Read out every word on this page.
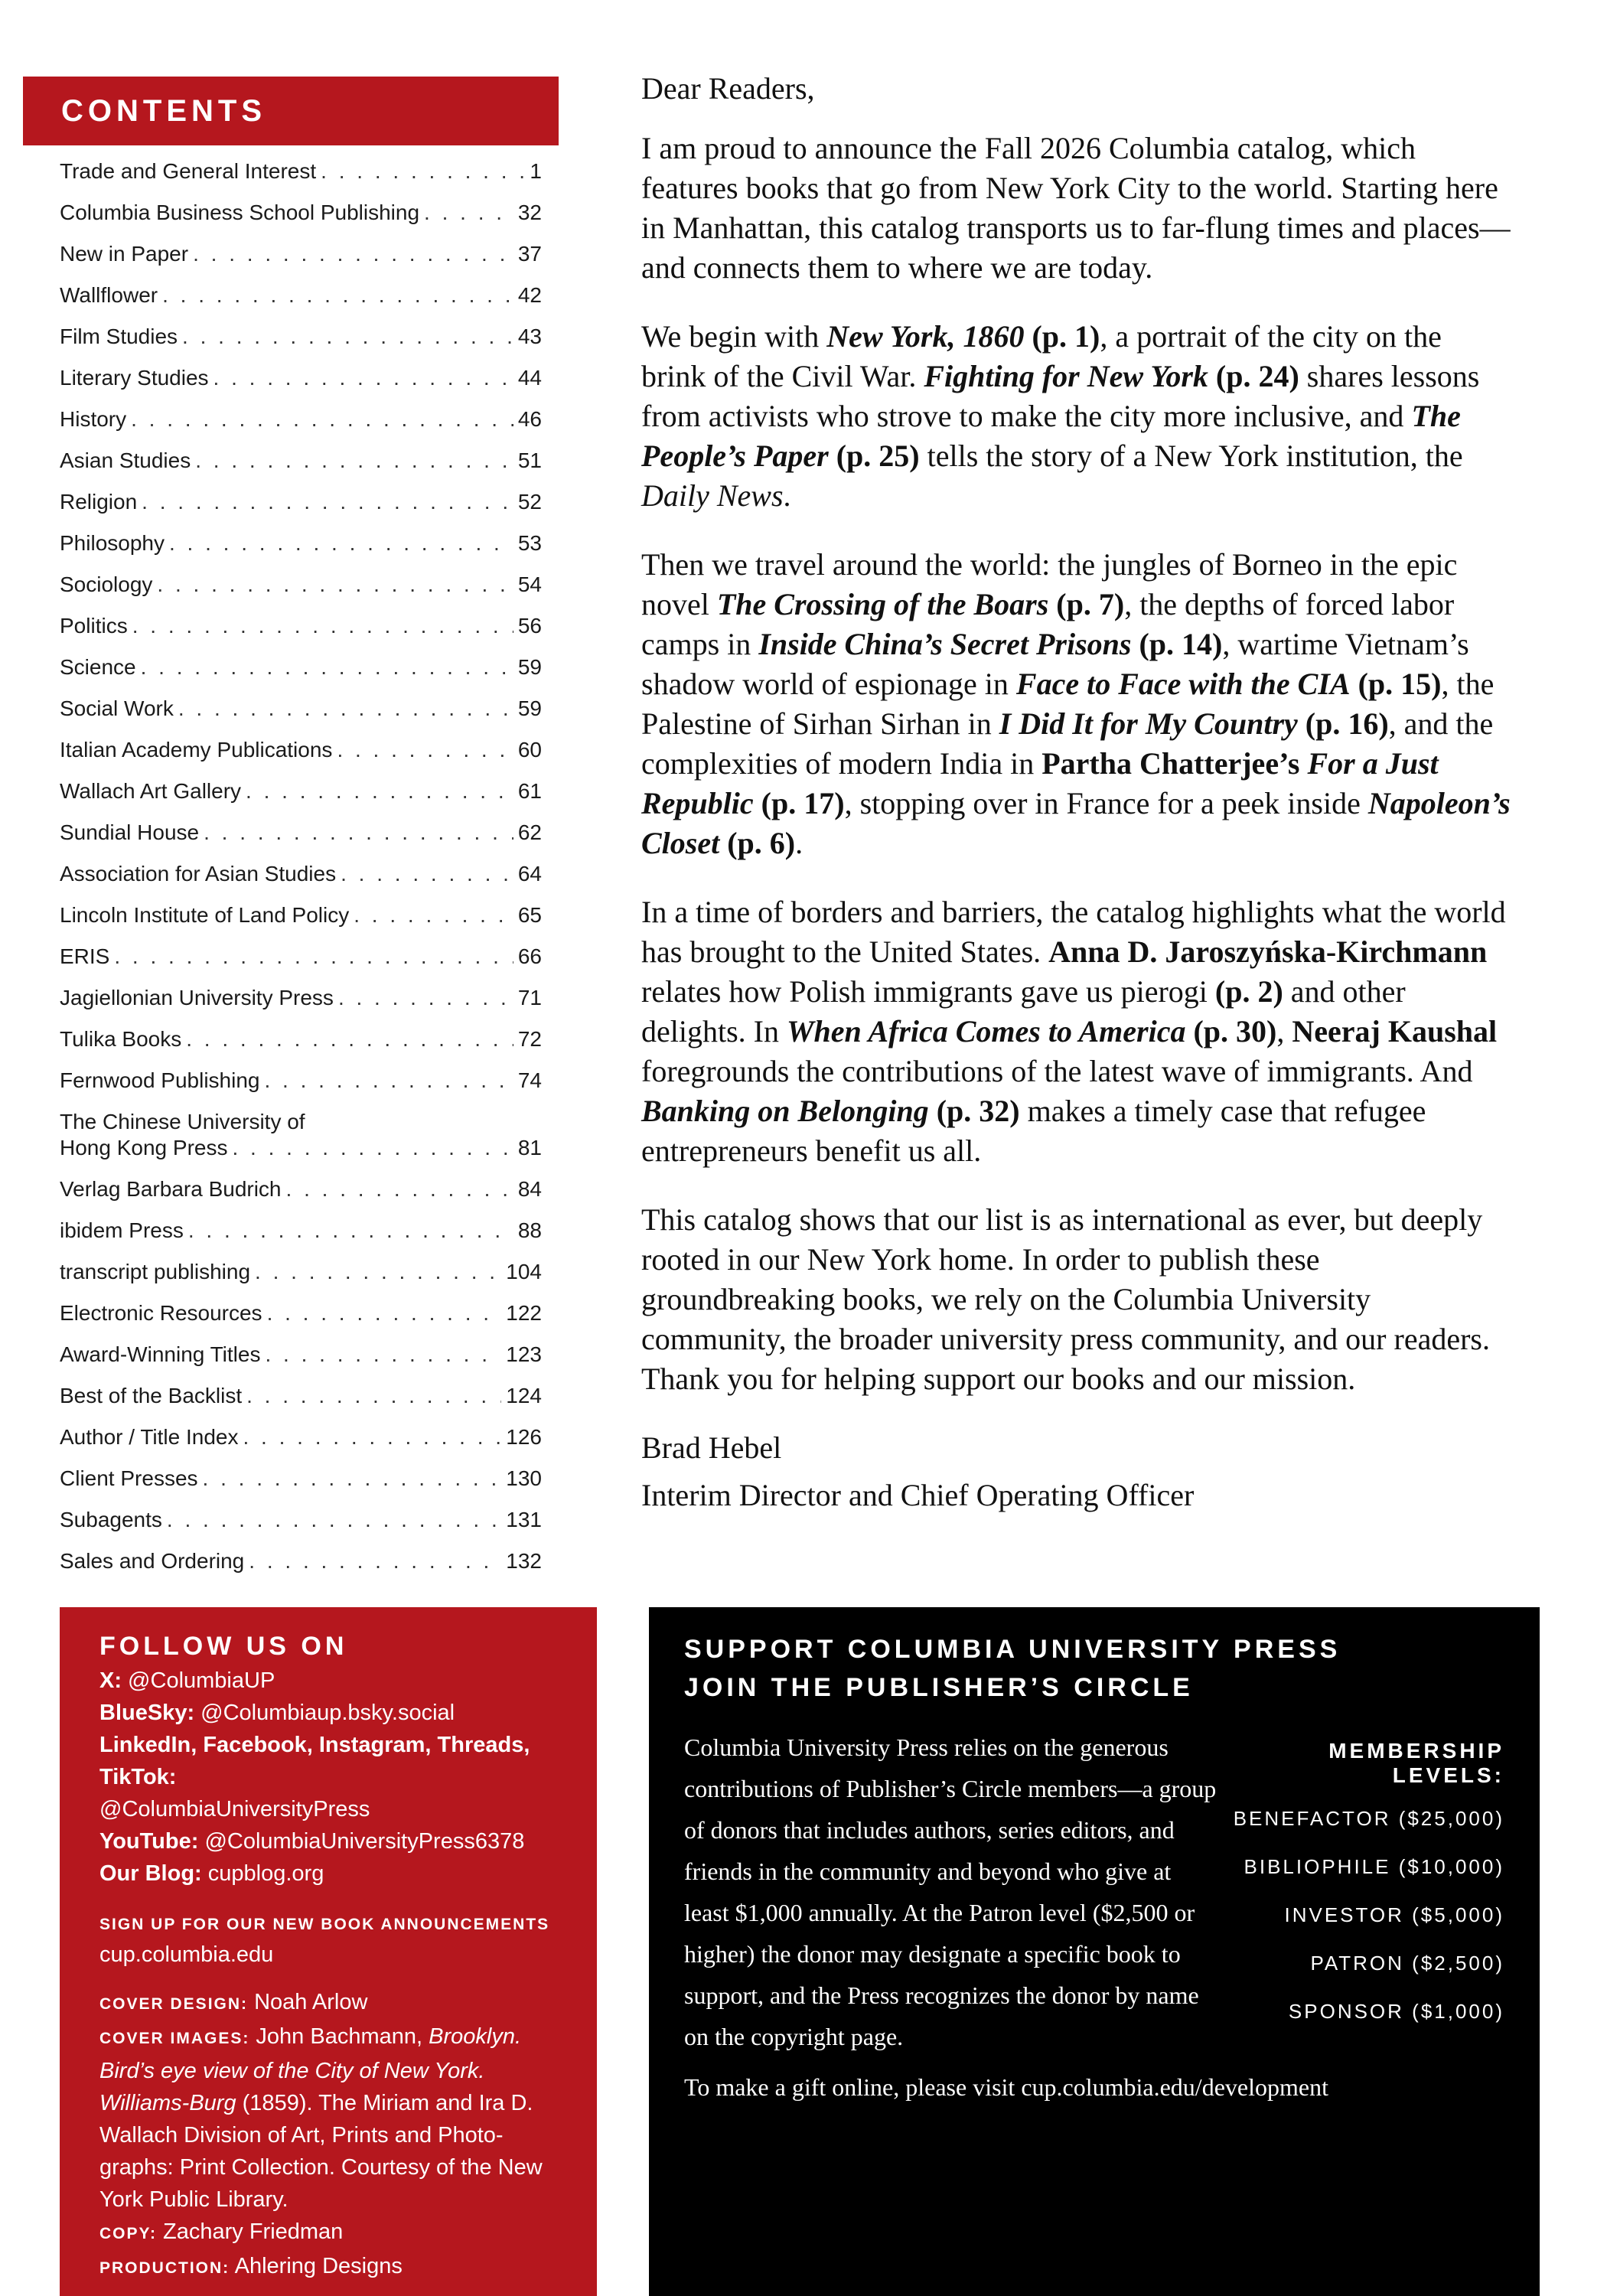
CONTENTS
Trade and General Interest . . .	1
Columbia Business School Publishing . . .	32
New in Paper . . .	37
Wallflower . . .	42
Film Studies . . .	43
Literary Studies . . .	44
History . . .	46
Asian Studies . . .	51
Religion . . .	52
Philosophy . . .	53
Sociology . . .	54
Politics . . .	56
Science . . .	59
Social Work . . .	59
Italian Academy Publications . . .	60
Wallach Art Gallery . . .	61
Sundial House . . .	62
Association for Asian Studies . . .	64
Lincoln Institute of Land Policy . . .	65
ERIS . . .	66
Jagiellonian University Press . . .	71
Tulika Books . . .	72
Fernwood Publishing . . .	74
The Chinese University of
Hong Kong Press . . .	81
Verlag Barbara Budrich . . .	84
ibidem Press . . .	88
transcript publishing . . .	104
Electronic Resources . . .	122
Award-Winning Titles . . .	123
Best of the Backlist . . .	124
Author / Title Index . . .	126
Client Presses . . .	130
Subagents . . .	131
Sales and Ordering . . .	132

Dear Readers,

I am proud to announce the Fall 2026 Columbia catalog, which features books that go from New York City to the world. Starting here in Manhattan, this catalog transports us to far-flung times and places—and connects them to where we are today.

We begin with New York, 1860 (p. 1), a portrait of the city on the brink of the Civil War. Fighting for New York (p. 24) shares lessons from activists who strove to make the city more inclusive, and The People’s Paper (p. 25) tells the story of a New York institution, the Daily News.

Then we travel around the world: the jungles of Borneo in the epic novel The Crossing of the Boars (p. 7), the depths of forced labor camps in Inside China’s Secret Prisons (p. 14), wartime Vietnam’s shadow world of espionage in Face to Face with the CIA (p. 15), the Palestine of Sirhan Sirhan in I Did It for My Country (p. 16), and the complexities of modern India in Partha Chatterjee’s For a Just Republic (p. 17), stopping over in France for a peek inside Napoleon’s Closet (p. 6).

In a time of borders and barriers, the catalog highlights what the world has brought to the United States. Anna D. Jaroszyńska-Kirchmann relates how Polish immigrants gave us pierogi (p. 2) and other delights. In When Africa Comes to America (p. 30), Neeraj Kaushal foregrounds the contributions of the latest wave of immigrants. And Banking on Belonging (p. 32) makes a timely case that refugee entrepreneurs benefit us all.

This catalog shows that our list is as international as ever, but deeply rooted in our New York home. In order to publish these groundbreaking books, we rely on the Columbia University community, the broader university press community, and our readers. Thank you for helping support our books and our mission.

Brad Hebel

Interim Director and Chief Operating Officer

FOLLOW US ON
X: @ColumbiaUP
BlueSky: @Columbiaup.bsky.social
LinkedIn, Facebook, Instagram, Threads, TikTok:
@ColumbiaUniversityPress
YouTube: @ColumbiaUniversityPress6378
Our Blog: cupblog.org
SIGN UP FOR OUR NEW BOOK ANNOUNCEMENTS
cup.columbia.edu
COVER DESIGN: Noah Arlow
COVER IMAGES: John Bachmann, Brooklyn. Bird’s eye view of the City of New York. Williams-Burg (1859). The Miriam and Ira D. Wallach Division of Art, Prints and Photo-graphs: Print Collection. Courtesy of the New York Public Library.
COPY: Zachary Friedman
PRODUCTION: Ahlering Designs
SUPPORT COLUMBIA UNIVERSITY PRESS
JOIN THE PUBLISHER’S CIRCLE
Columbia University Press relies on the generous contributions of Publisher’s Circle members—a group of donors that includes authors, series editors, and friends in the community and beyond who give at least $1,000 annually. At the Patron level ($2,500 or higher) the donor may designate a specific book to support, and the Press recognizes the donor by name on the copyright page.
MEMBERSHIP LEVELS:
BENEFACTOR ($25,000)
BIBLIOPHILE ($10,000)
INVESTOR ($5,000)
PATRON ($2,500)
SPONSOR ($1,000)
To make a gift online, please visit cup.columbia.edu/development
